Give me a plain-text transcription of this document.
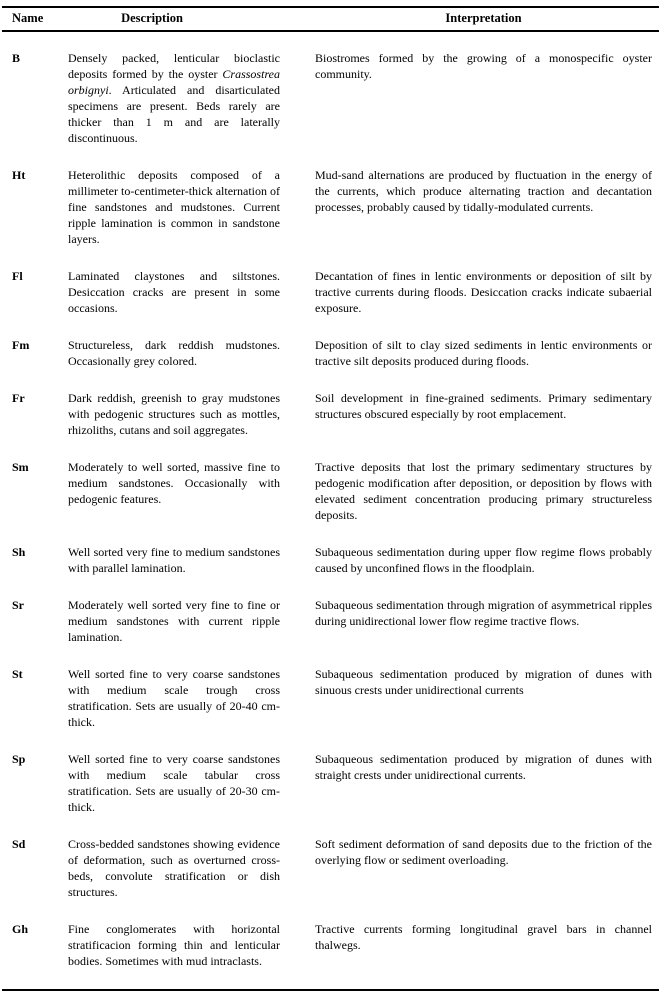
Name	Description	Interpretation
B	Densely packed, lenticular bioclastic deposits formed by the oyster Crassostrea orbignyi. Articulated and disarticulated specimens are present. Beds rarely are thicker than 1 m and are laterally discontinuous.	Biostromes formed by the growing of a monospecific oyster community.
Ht	Heterolithic deposits composed of a millimeter to-centimeter-thick alternation of fine sandstones and mudstones. Current ripple lamination is common in sandstone layers.	Mud-sand alternations are produced by fluctuation in the energy of the currents, which produce alternating traction and decantation processes, probably caused by tidally-modulated currents.
Fl	Laminated claystones and siltstones. Desiccation cracks are present in some occasions.	Decantation of fines in lentic environments or deposition of silt by tractive currents during floods. Desiccation cracks indicate subaerial exposure.
Fm	Structureless, dark reddish mudstones. Occasionally grey colored.	Deposition of silt to clay sized sediments in lentic environments or tractive silt deposits produced during floods.
Fr	Dark reddish, greenish to gray mudstones with pedogenic structures such as mottles, rhizoliths, cutans and soil aggregates.	Soil development in fine-grained sediments. Primary sedimentary structures obscured especially by root emplacement.
Sm	Moderately to well sorted, massive fine to medium sandstones. Occasionally with pedogenic features.	Tractive deposits that lost the primary sedimentary structures by pedogenic modification after deposition, or deposition by flows with elevated sediment concentration producing primary structureless deposits.
Sh	Well sorted very fine to medium sandstones with parallel lamination.	Subaqueous sedimentation during upper flow regime flows probably caused by unconfined flows in the floodplain.
Sr	Moderately well sorted very fine to fine or medium sandstones with current ripple lamination.	Subaqueous sedimentation through migration of asymmetrical ripples during unidirectional lower flow regime tractive flows.
St	Well sorted fine to very coarse sandstones with medium scale trough cross stratification. Sets are usually of 20-40 cm-thick.	Subaqueous sedimentation produced by migration of dunes with sinuous crests under unidirectional currents
Sp	Well sorted fine to very coarse sandstones with medium scale tabular cross stratification. Sets are usually of 20-30 cm-thick.	Subaqueous sedimentation produced by migration of dunes with straight crests under unidirectional currents.
Sd	Cross-bedded sandstones showing evidence of deformation, such as overturned cross-beds, convolute stratification or dish structures.	Soft sediment deformation of sand deposits due to the friction of the overlying flow or sediment overloading.
Gh	Fine conglomerates with horizontal stratificacion forming thin and lenticular bodies. Sometimes with mud intraclasts.	Tractive currents forming longitudinal gravel bars in channel thalwegs.
